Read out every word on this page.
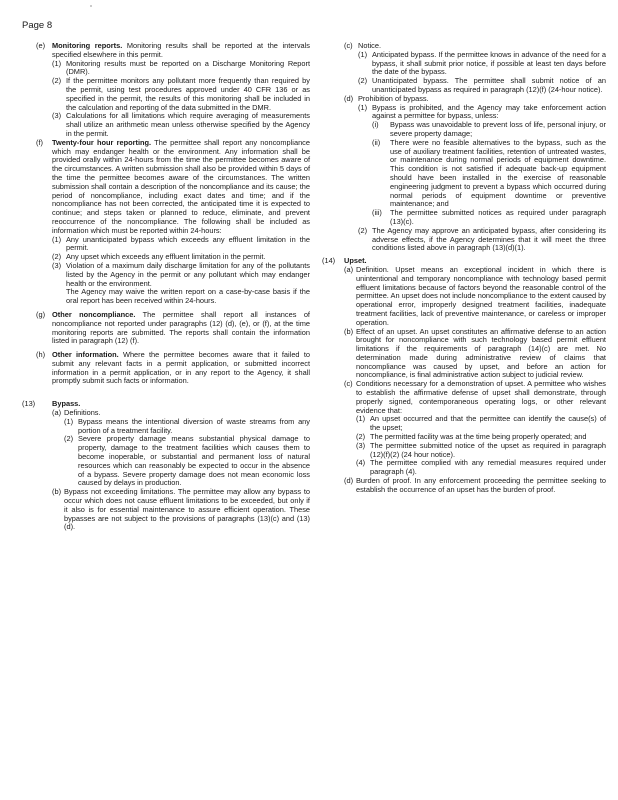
Page 8
(e) Monitoring reports. Monitoring results shall be reported at the intervals specified elsewhere in this permit.
(1) Monitoring results must be reported on a Discharge Monitoring Report (DMR).
(2) If the permittee monitors any pollutant more frequently than required by the permit, using test procedures approved under 40 CFR 136 or as specified in the permit, the results of this monitoring shall be included in the calculation and reporting of the data submitted in the DMR.
(3) Calculations for all limitations which require averaging of measurements shall utilize an arithmetic mean unless otherwise specified by the Agency in the permit.
(f)	Twenty-four hour reporting. The permittee shall report any noncompliance which may endanger health or the environment. Any information shall be provided orally within 24-hours from the time the permittee becomes aware of the circumstances. A written submission shall also be provided within 5 days of the time the permittee becomes aware of the circumstances. The written submission shall contain a description of the noncompliance and its cause; the period of noncompliance, including exact dates and time; and if the noncompliance has not been corrected, the anticipated time it is expected to continue; and steps taken or planned to reduce, eliminate, and prevent reoccurrence of the noncompliance. The following shall be included as information which must be reported within 24-hours:
(1) Any unanticipated bypass which exceeds any effluent limitation in the permit.
(2) Any upset which exceeds any effluent limitation in the permit.
(3) Violation of a maximum daily discharge limitation for any of the pollutants listed by the Agency in the permit or any pollutant which may endanger health or the environment.
The Agency may waive the written report on a case-by-case basis if the oral report has been received within 24-hours.
(g) Other noncompliance. The permittee shall report all instances of noncompliance not reported under paragraphs (12) (d), (e), or (f), at the time monitoring reports are submitted. The reports shall contain the information listed in paragraph (12) (f).
(h) Other information. Where the permittee becomes aware that it failed to submit any relevant facts in a permit application, or submitted incorrect information in a permit application, or in any report to the Agency, it shall promptly submit such facts or information.
(13)	Bypass.
(a) Definitions.
(1) Bypass means the intentional diversion of waste streams from any portion of a treatment facility.
(2) Severe property damage means substantial physical damage to property, damage to the treatment facilities which causes them to become inoperable, or substantial and permanent loss of natural resources which can reasonably be expected to occur in the absence of a bypass. Severe property damage does not mean economic loss caused by delays in production.
(b) Bypass not exceeding limitations. The permittee may allow any bypass to occur which does not cause effluent limitations to be exceeded, but only if it also is for essential maintenance to assure efficient operation. These bypasses are not subject to the provisions of paragraphs (13)(c) and (13)(d).
(c) Notice.
(1) Anticipated bypass. If the permittee knows in advance of the need for a bypass, it shall submit prior notice, if possible at least ten days before the date of the bypass.
(2) Unanticipated bypass. The permittee shall submit notice of an unanticipated bypass as required in paragraph (12)(f) (24-hour notice).
(d) Prohibition of bypass.
(1) Bypass is prohibited, and the Agency may take enforcement action against a permittee for bypass, unless:
(i)	Bypass was unavoidable to prevent loss of life, personal injury, or severe property damage;
(ii)	There were no feasible alternatives to the bypass, such as the use of auxiliary treatment facilities, retention of untreated wastes, or maintenance during normal periods of equipment downtime. This condition is not satisfied if adequate back-up equipment should have been installed in the exercise of reasonable engineering judgment to prevent a bypass which occurred during normal periods of equipment downtime or preventive maintenance; and
(iii)	The permittee submitted notices as required under paragraph (13)(c).
(2) The Agency may approve an anticipated bypass, after considering its adverse effects, if the Agency determines that it will meet the three conditions listed above in paragraph (13)(d)(1).
(14)	Upset.
(a) Definition. Upset means an exceptional incident in which there is unintentional and temporary noncompliance with technology based permit effluent limitations because of factors beyond the reasonable control of the permittee. An upset does not include noncompliance to the extent caused by operational error, improperly designed treatment facilities, inadequate treatment facilities, lack of preventive maintenance, or careless or improper operation.
(b) Effect of an upset. An upset constitutes an affirmative defense to an action brought for noncompliance with such technology based permit effluent limitations if the requirements of paragraph (14)(c) are met. No determination made during administrative review of claims that noncompliance was caused by upset, and before an action for noncompliance, is final administrative action subject to judicial review.
(c) Conditions necessary for a demonstration of upset. A permittee who wishes to establish the affirmative defense of upset shall demonstrate, through properly signed, contemporaneous operating logs, or other relevant evidence that:
(1) An upset occurred and that the permittee can identify the cause(s) of the upset;
(2) The permitted facility was at the time being properly operated; and
(3) The permittee submitted notice of the upset as required in paragraph (12)(f)(2) (24 hour notice).
(4) The permittee complied with any remedial measures required under paragraph (4).
(d) Burden of proof. In any enforcement proceeding the permittee seeking to establish the occurrence of an upset has the burden of proof.
